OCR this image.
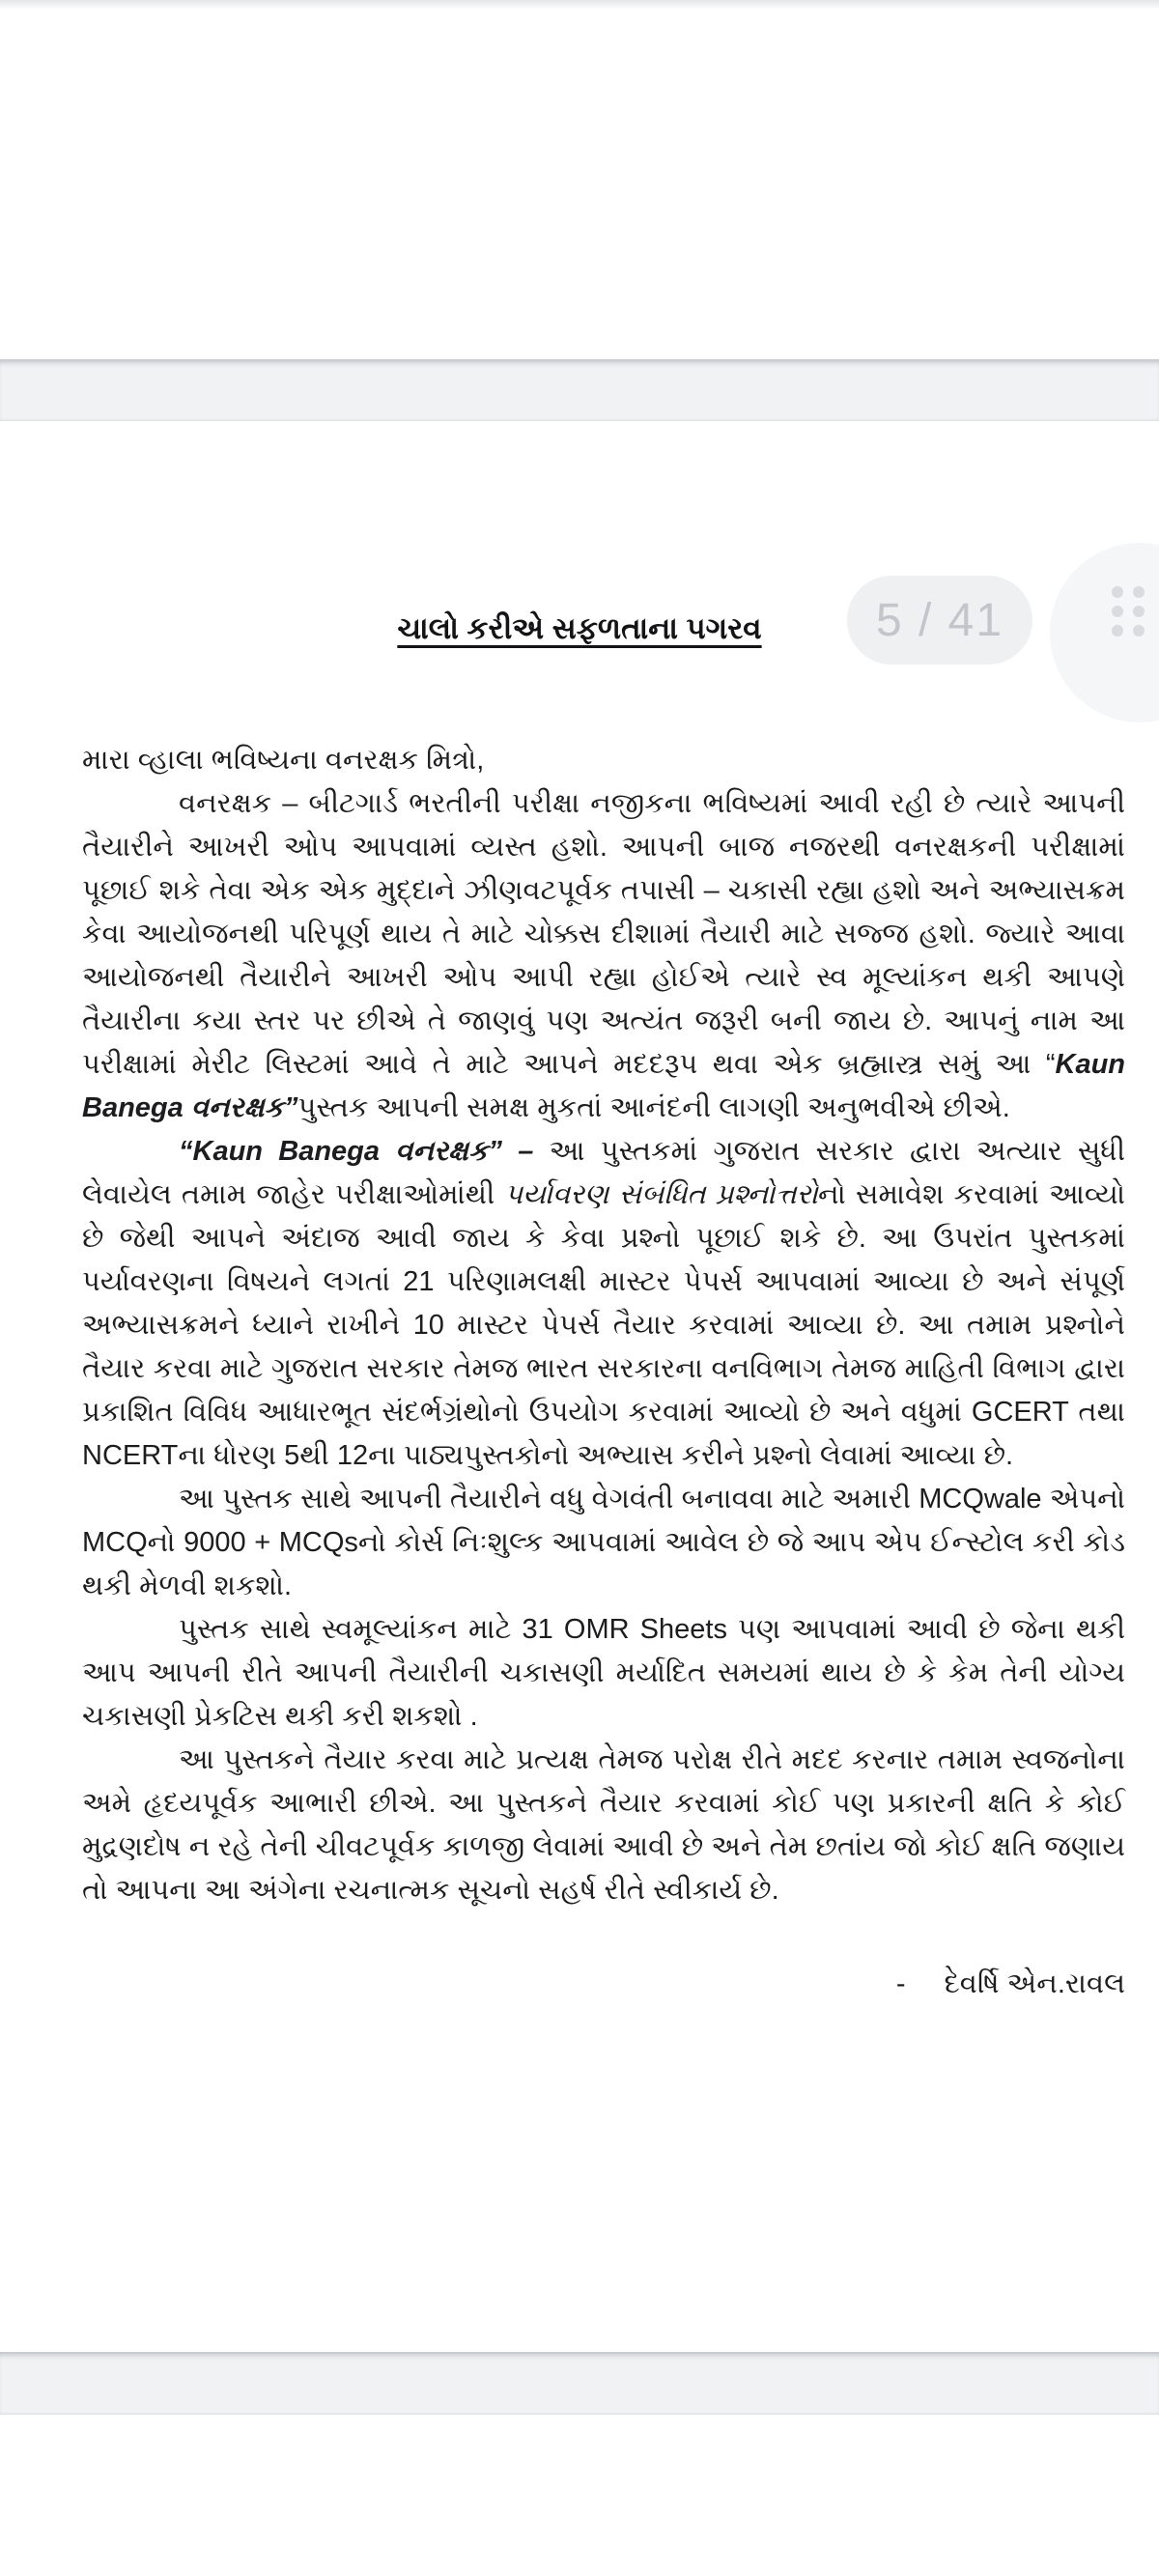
ચાલો કરીએ સફળતાના પગરવ

મારા વ્હાલા ભવિષ્યના વનરક્ષક મિત્રો,

વનરક્ષક – બીટગાર્ડ ભરતીની પરીક્ષા નજીકના ભવિષ્યમાં આવી રહી છે ત્યારે આપની તૈયારીને આખરી ઓપ આપવામાં વ્યસ્ત હશો. આપની બાજ નજરથી વનરક્ષકની પરીક્ષામાં પૂછાઈ શકે તેવા એક એક મુદ્દાને ઝીણવટપૂર્વક તપાસી – ચકાસી રહ્યા હશો અને અભ્યાસક્રમ કેવા આયોજનથી પરિપૂર્ણ થાય તે માટે ચોક્કસ દીશામાં તૈયારી માટે સજ્જ હશો. જ્યારે આવા આયોજનથી તૈયારીને આખરી ઓપ આપી રહ્યા હોઈએ ત્યારે સ્વ મૂલ્યાંકન થકી આપણે તૈયારીના કયા સ્તર પર છીએ તે જાણવું પણ અત્યંત જરૂરી બની જાય છે. આપનું નામ આ પરીક્ષામાં મેરીટ લિસ્ટમાં આવે તે માટે આપને મદદરૂપ થવા એક બ્રહ્માસ્ત્ર સમું આ “Kaun Banega વનરક્ષક”પુસ્તક આપની સમક્ષ મુકતાં આનંદની લાગણી અનુભવીએ છીએ.

“Kaun Banega વનરક્ષક” – આ પુસ્તકમાં ગુજરાત સરકાર દ્વારા અત્યાર સુધી લેવાયેલ તમામ જાહેર પરીક્ષાઓમાંથી પર્યાવરણ સંબંધિત પ્રશ્નોત્તરોનો સમાવેશ કરવામાં આવ્યો છે જેથી આપને અંદાજ આવી જાય કે કેવા પ્રશ્નો પૂછાઈ શકે છે. આ ઉપરાંત પુસ્તકમાં પર્યાવરણના વિષયને લગતાં 21 પરિણામલક્ષી માસ્ટર પેપર્સ આપવામાં આવ્યા છે અને સંપૂર્ણ અભ્યાસક્રમને ધ્યાને રાખીને 10 માસ્ટર પેપર્સ તૈયાર કરવામાં આવ્યા છે. આ તમામ પ્રશ્નોને તૈયાર કરવા માટે ગુજરાત સરકાર તેમજ ભારત સરકારના વનવિભાગ તેમજ માહિતી વિભાગ દ્વારા પ્રકાશિત વિવિધ આધારભૂત સંદર્ભગ્રંથોનો ઉપયોગ કરવામાં આવ્યો છે અને વધુમાં GCERT તથા NCERTના ધોરણ 5થી 12ના પાઠ્યપુસ્તકોનો અભ્યાસ કરીને પ્રશ્નો લેવામાં આવ્યા છે.

આ પુસ્તક સાથે આપની તૈયારીને વધુ વેગવંતી બનાવવા માટે અમારી MCQwale એપનો MCQનો 9000 + MCQsનો કોર્સ નિઃશુલ્ક આપવામાં આવેલ છે જે આપ એપ ઈન્સ્ટોલ કરી કોડ થકી મેળવી શકશો.

પુસ્તક સાથે સ્વમૂલ્યાંકન માટે 31 OMR Sheets પણ આપવામાં આવી છે જેના થકી આપ આપની રીતે આપની તૈયારીની ચકાસણી મર્યાદિત સમયમાં થાય છે કે કેમ તેની યોગ્ય ચકાસણી પ્રેકટિસ થકી કરી શકશો .

આ પુસ્તકને તૈયાર કરવા માટે પ્રત્યક્ષ તેમજ પરોક્ષ રીતે મદદ કરનાર તમામ સ્વજનોના અમે હૃદયપૂર્વક આભારી છીએ. આ પુસ્તકને તૈયાર કરવામાં કોઈ પણ પ્રકારની ક્ષતિ કે કોઈ મુદ્રણદોષ ન રહે તેની ચીવટપૂર્વક કાળજી લેવામાં આવી છે અને તેમ છતાંય જો કોઈ ક્ષતિ જણાય તો આપના આ અંગેના રચનાત્મક સૂચનો સહર્ષ રીતે સ્વીકાર્ય છે.

- દેવર્ષિ એન.રાવલ

5 / 41
